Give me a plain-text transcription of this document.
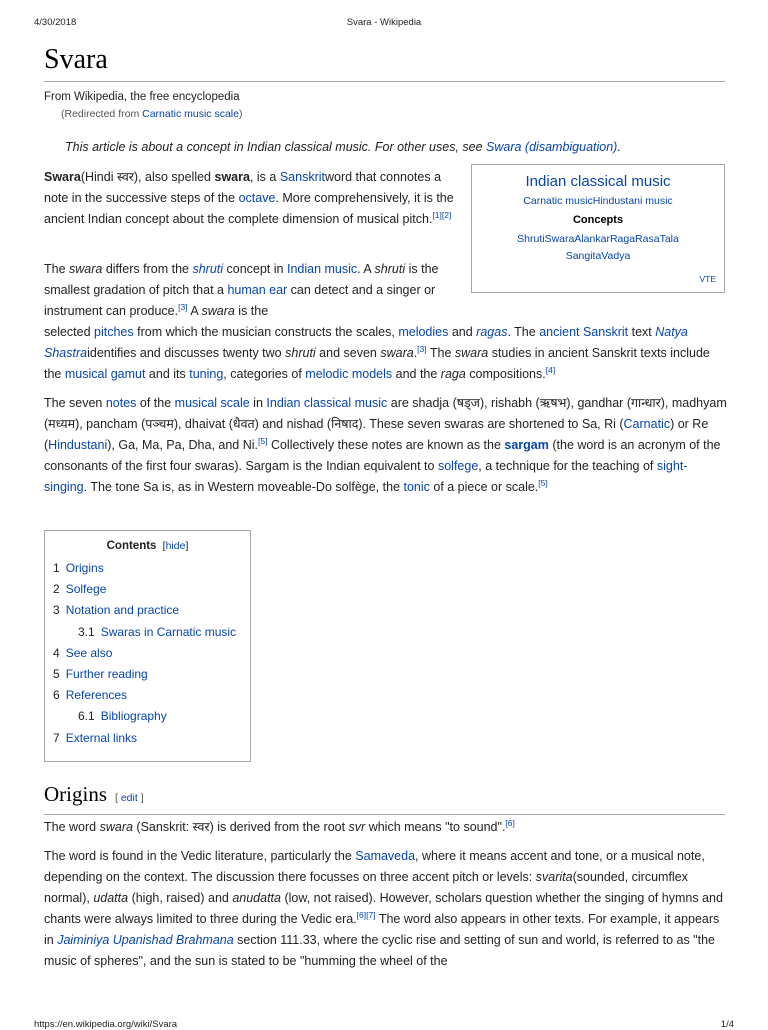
4/30/2018	Svara - Wikipedia
Svara
From Wikipedia, the free encyclopedia
(Redirected from Carnatic music scale)
This article is about a concept in Indian classical music. For other uses, see Swara (disambiguation).

Swara(Hindi स्वर), also spelled swara, is a Sanskritword that connotes a note in the successive steps of the octave. More comprehensively, it is the ancient Indian concept about the complete dimension of musical pitch.[1][2]

The swara differs from the shruti concept in Indian music. A shruti is the smallest gradation of pitch that a human ear can detect and a singer or instrument can produce.[3] A swara is the

selected pitches from which the musician constructs the scales, melodies and ragas. The ancient Sanskrit text Natya Shastraidentifies and discusses twenty two shruti and seven swara.[3] The swara studies in ancient Sanskrit texts include the musical gamut and its tuning, categories of melodic models and the raga compositions.[4]

The seven notes of the musical scale in Indian classical music are shadja (षड्ज), rishabh (ऋषभ), gandhar (गान्धार), madhyam (मध्यम), pancham (पञ्चम), dhaivat (धैवत) and nishad (निषाद). These seven swaras are shortened to Sa, Ri (Carnatic) or Re (Hindustani), Ga, Ma, Pa, Dha, and Ni.[5] Collectively these notes are known as the sargam (the word is an acronym of the consonants of the first four swaras). Sargam is the Indian equivalent to solfege, a technique for the teaching of sight-singing. The tone Sa is, as in Western moveable-Do solfège, the tonic of a piece or scale.[5]

Indian classical music
Carnatic musicHindustani music
Concepts
ShrutiSwaraAlankarRagaRasaTala
SangitaVadya
VTE
Contents [hide]
1 Origins
2 Solfege
3 Notation and practice
3.1 Swaras in Carnatic music
4 See also
5 Further reading
6 References
6.1 Bibliography
7 External links
Origins [ edit ]

The word swara (Sanskrit: स्वर) is derived from the root svr which means "to sound".[6]

The word is found in the Vedic literature, particularly the Samaveda, where it means accent and tone, or a musical note, depending on the context. The discussion there focusses on three accent pitch or levels: svarita(sounded, circumflex normal), udatta (high, raised) and anudatta (low, not raised). However, scholars question whether the singing of hymns and chants were always limited to three during the Vedic era.[6][7] The word also appears in other texts. For example, it appears in Jaiminiya Upanishad Brahmana section 111.33, where the cyclic rise and setting of sun and world, is referred to as "the music of spheres", and the sun is stated to be "humming the wheel of the

https://en.wikipedia.org/wiki/Svara	1/4
